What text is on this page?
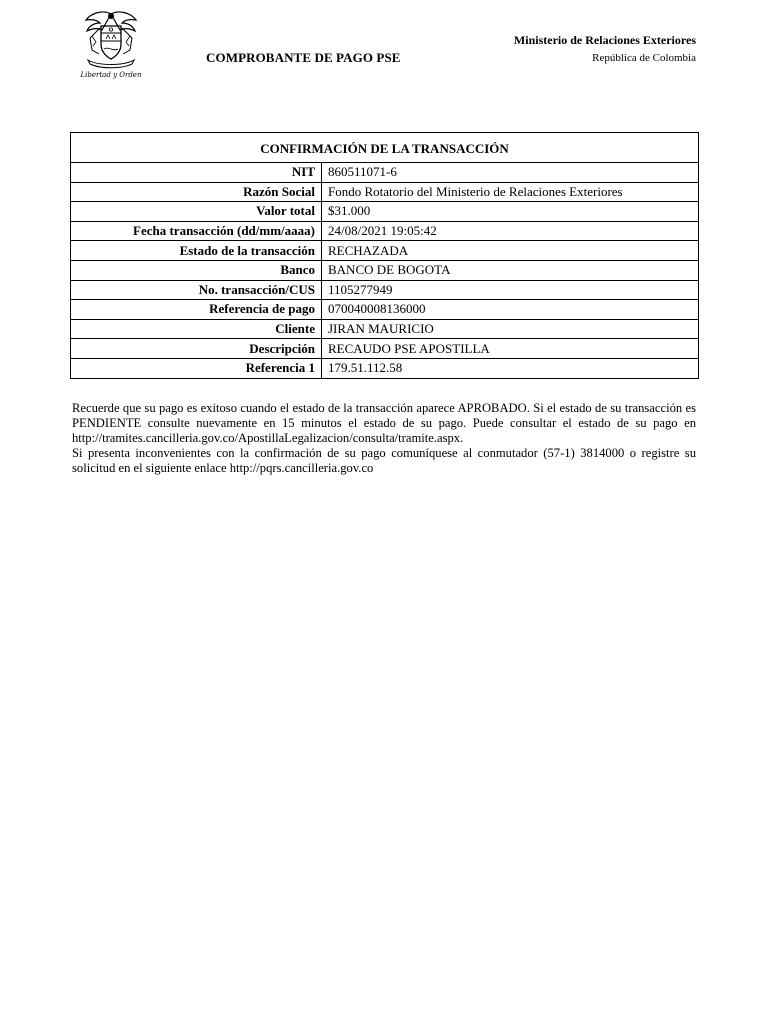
Libertad y Orden
COMPROBANTE DE PAGO PSE
Ministerio de Relaciones Exteriores
República de Colombia
CONFIRMACIÓN DE LA TRANSACCIÓN	
NIT	860511071-6
Razón Social	Fondo Rotatorio del Ministerio de Relaciones Exteriores
Valor total	$31.000
Fecha transacción (dd/mm/aaaa)	24/08/2021 19:05:42
Estado de la transacción	RECHAZADA
Banco	BANCO DE BOGOTA
No. transacción/CUS	1105277949
Referencia de pago	070040008136000
Cliente	JIRAN MAURICIO
Descripción	RECAUDO PSE APOSTILLA
Referencia 1	179.51.112.58

Recuerde que su pago es exitoso cuando el estado de la transacción aparece APROBADO. Si el estado de su transacción es PENDIENTE consulte nuevamente en 15 minutos el estado de su pago. Puede consultar el estado de su pago en http://tramites.cancilleria.gov.co/ApostillaLegalizacion/consulta/tramite.aspx.

Si presenta inconvenientes con la confirmación de su pago comuníquese al conmutador (57-1) 3814000 o registre su solicitud en el siguiente enlace http://pqrs.cancilleria.gov.co
